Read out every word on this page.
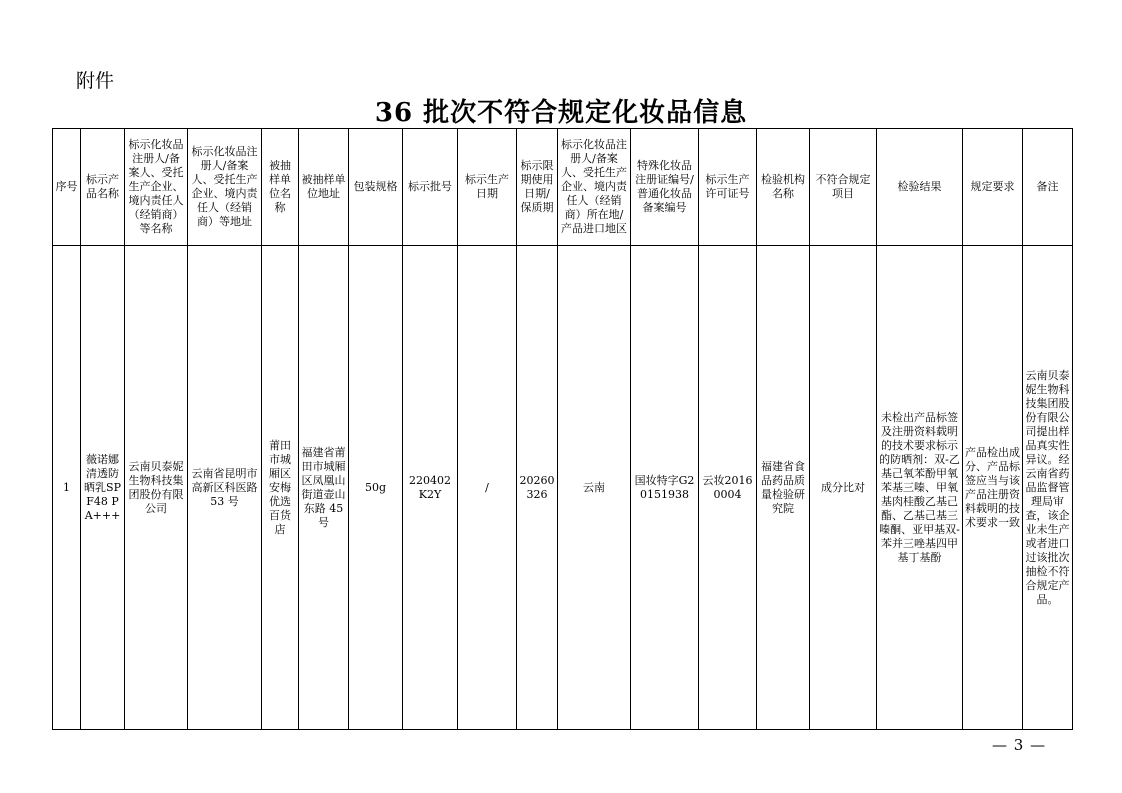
附件
36 批次不符合规定化妆品信息
序号	标示产品名称	标示化妆品注册人/备案人、受托生产企业、境内责任人（经销商）等名称	标示化妆品注册人/备案人、受托生产企业、境内责任人（经销商）等地址	被抽样单位名称	被抽样单位地址	包装规格	标示批号	标示生产日期	标示限期使用日期/保质期	标示化妆品注册人/备案人、受托生产企业、境内责任人（经销商）所在地/产品进口地区	特殊化妆品注册证编号/普通化妆品备案编号	标示生产许可证号	检验机构名称	不符合规定项目	检验结果	规定要求	备注
1	薇诺娜清透防晒乳SPF48 PA+++	云南贝泰妮生物科技集团股份有限公司	云南省昆明市高新区科医路 53 号	莆田市城厢区安梅优选百货店	福建省莆田市城厢区凤凰山街道壶山东路 45 号	50g	220402K2Y	/	20260326	云南	国妆特字G20151938	云妆20160004	福建省食品药品质量检验研究院	成分比对	未检出产品标签及注册资料载明的技术要求标示的防晒剂：双-乙基己氧苯酚甲氧苯基三嗪、甲氧基肉桂酸乙基己酯、乙基己基三嗪酮、亚甲基双-苯并三唑基四甲基丁基酚	产品检出成分、产品标签应当与该产品注册资料载明的技术要求一致	云南贝泰妮生物科技集团股份有限公司提出样品真实性异议。经云南省药品监督管理局审查，该企业未生产或者进口过该批次抽检不符合规定产品。
— 3 —
